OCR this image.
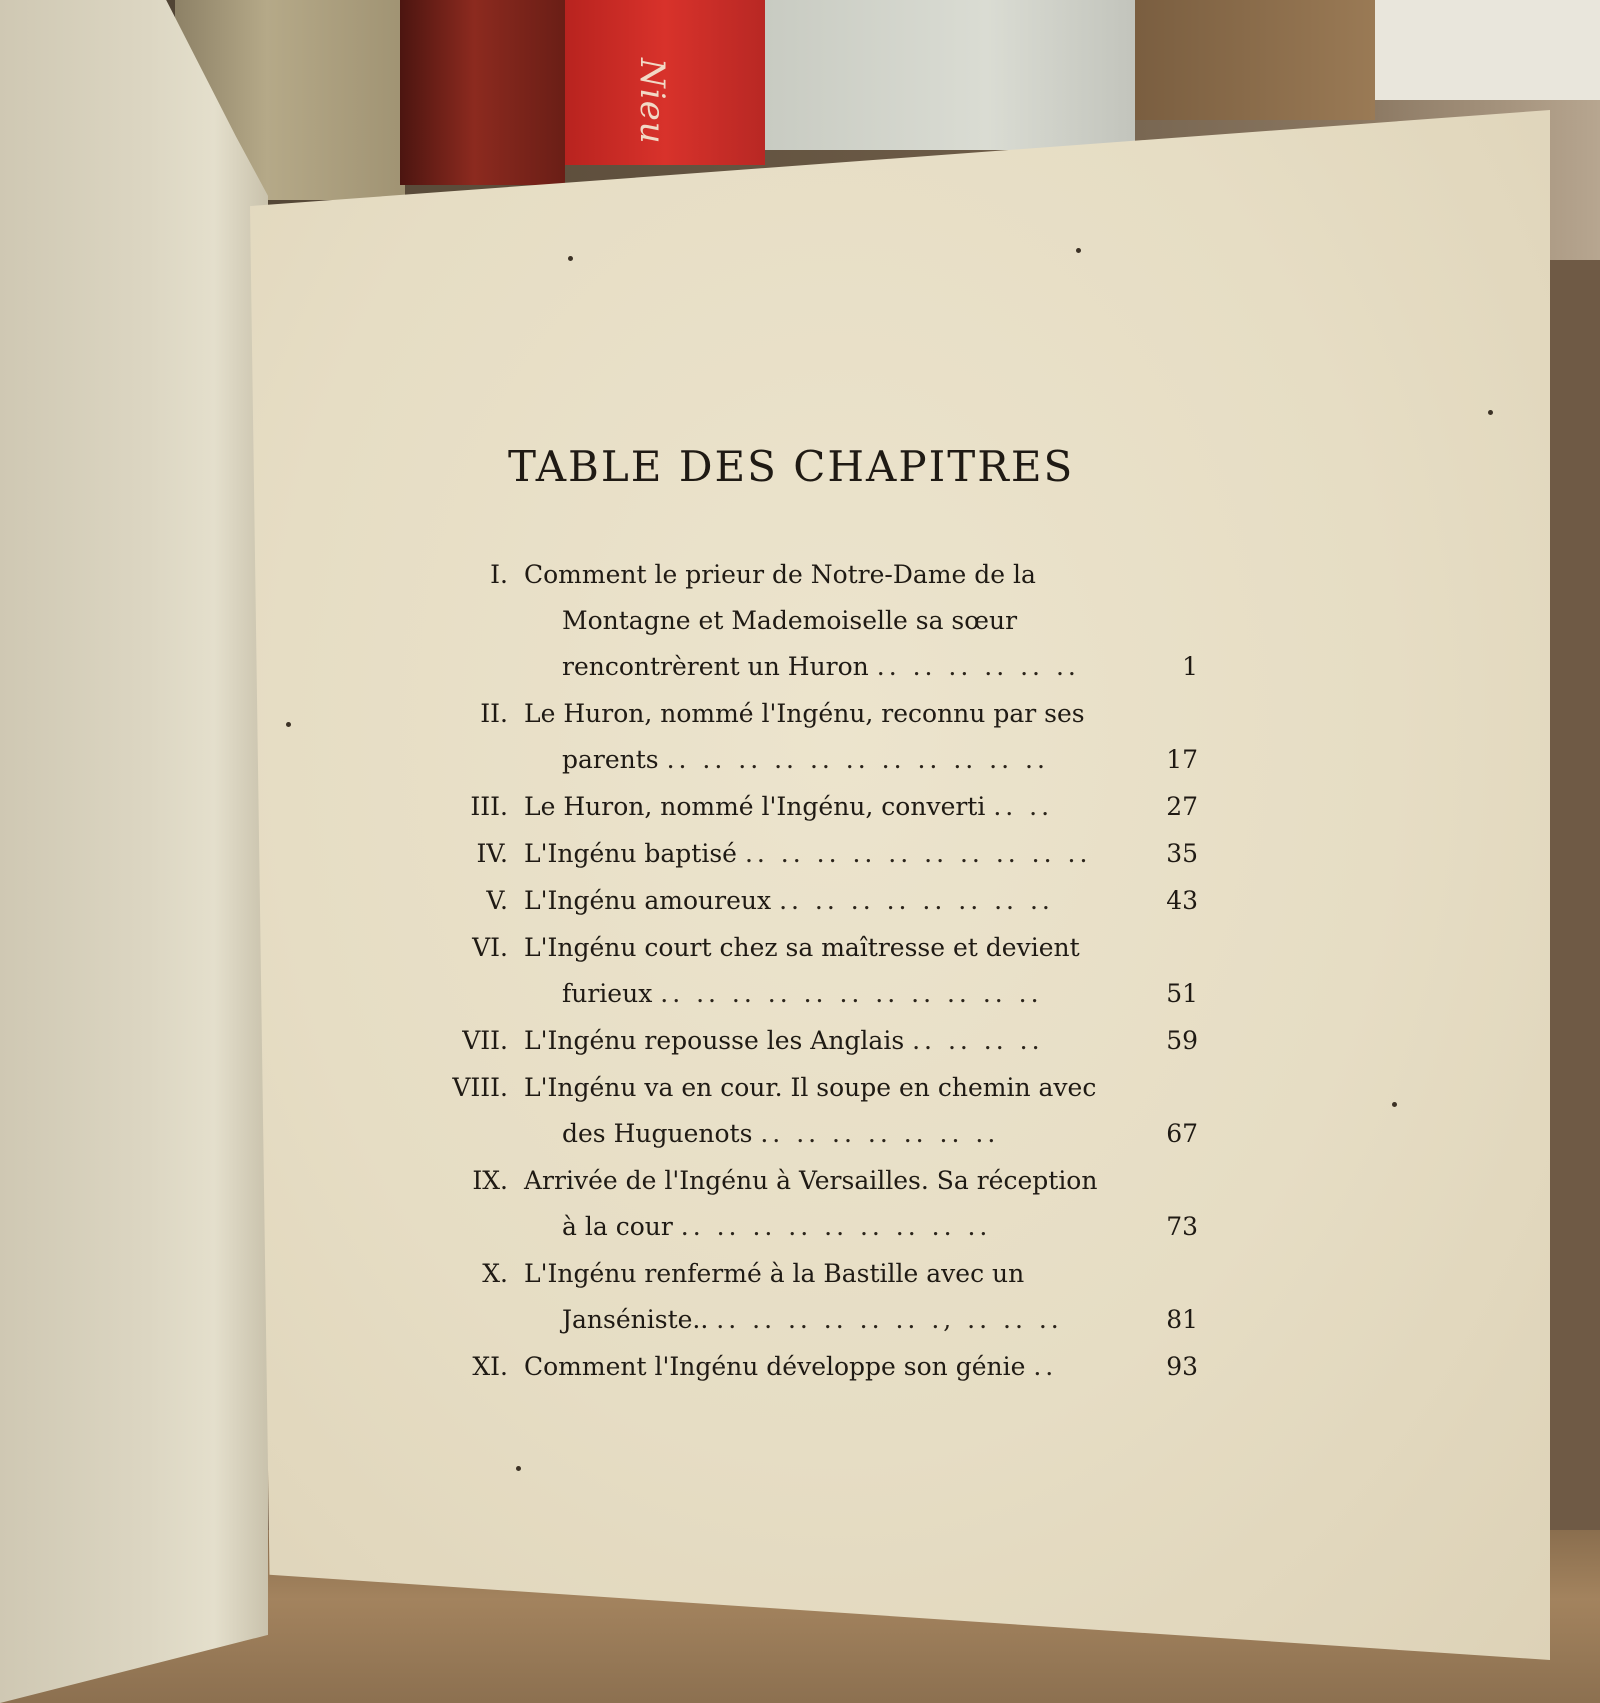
Nieu
TABLE DES CHAPITRES
I. Comment le prieur de Notre-Dame de la Montagne et Mademoiselle sa sœur rencontrèrent un Huron .. .. .. .. .. ..	1
II. Le Huron, nommé l'Ingénu, reconnu par ses parents .. .. .. .. .. .. .. .. .. .. ..	17
III. Le Huron, nommé l'Ingénu, converti .. ..	27
IV. L'Ingénu baptisé .. .. .. .. .. .. .. .. .. ..	35
V. L'Ingénu amoureux .. .. .. .. .. .. .. ..	43
VI. L'Ingénu court chez sa maîtresse et devient furieux .. .. .. .. .. .. .. .. .. .. ..	51
VII. L'Ingénu repousse les Anglais .. .. .. ..	59
VIII. L'Ingénu va en cour. Il soupe en chemin avec des Huguenots .. .. .. .. .. .. ..	67
IX. Arrivée de l'Ingénu à Versailles. Sa réception à la cour .. .. .. .. .. .. .. .. ..	73
X. L'Ingénu renfermé à la Bastille avec un Janséniste.. .. .. .. .. .. .. ., .. .. ..	81
XI. Comment l'Ingénu développe son génie ..	93
